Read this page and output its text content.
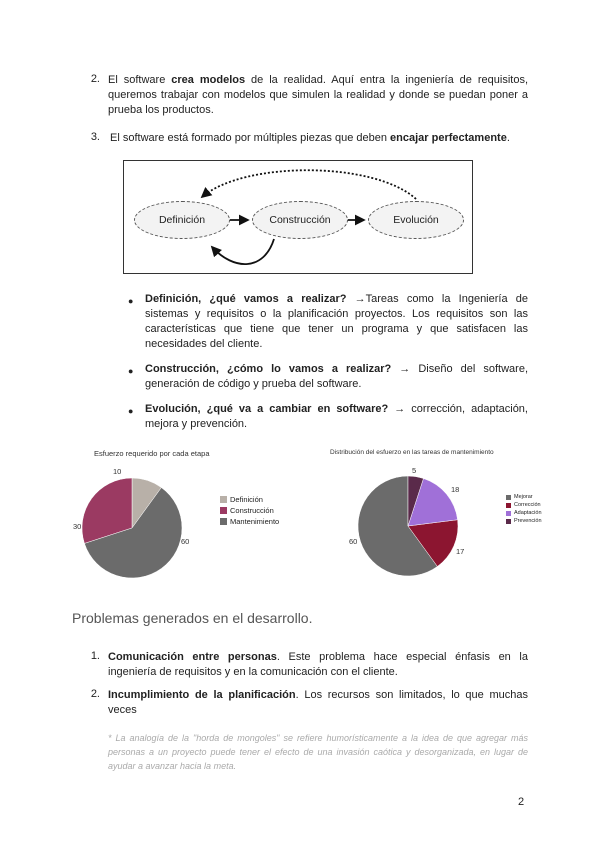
2. El software crea modelos de la realidad. Aquí entra la ingeniería de requisitos, queremos trabajar con modelos que simulen la realidad y donde se puedan poner a prueba los productos.
3. El software está formado por múltiples piezas que deben encajar perfectamente.
Definición	Construcción	Evolución
● Definición, ¿qué vamos a realizar? →Tareas como la Ingeniería de sistemas y requisitos o la planificación proyectos. Los requisitos son las características que tiene que tener un programa y que satisfacen las necesidades del cliente.
● Construcción, ¿cómo lo vamos a realizar? → Diseño del software, generación de código y prueba del software.
● Evolución, ¿qué va a cambiar en software? → corrección, adaptación, mejora y prevención.
Esfuerzo requerido por cada etapa
10
30
60
Definición
Construcción
Mantenimiento
Distribución del esfuerzo en las tareas de mantenimiento
5
18
17
60
Mejorar
Corrección
Adaptación
Prevención
Problemas generados en el desarrollo.
1. Comunicación entre personas. Este problema hace especial énfasis en la ingeniería de requisitos y en la comunicación con el cliente.
2. Incumplimiento de la planificación. Los recursos son limitados, lo que muchas veces
* La analogía de la "horda de mongoles" se refiere humorísticamente a la idea de que agregar más personas a un proyecto puede tener el efecto de una invasión caótica y desorganizada, en lugar de ayudar a avanzar hacia la meta.
2
